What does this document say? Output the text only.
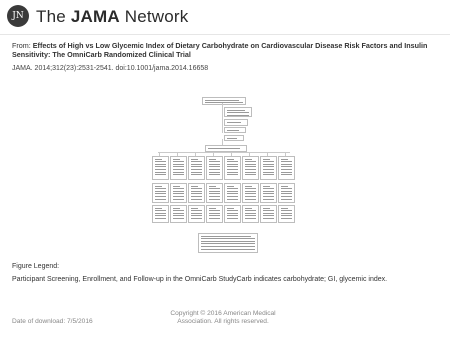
JN The JAMA Network
From: Effects of High vs Low Glycemic Index of Dietary Carbohydrate on Cardiovascular Disease Risk Factors and Insulin Sensitivity: The OmniCarb Randomized Clinical Trial
JAMA. 2014;312(23):2531-2541. doi:10.1001/jama.2014.16658
Figure Legend:
Participant Screening, Enrollment, and Follow-up in the OmniCarb StudyCarb indicates carbohydrate; GI, glycemic index.
Date of download: 7/5/2016
Copyright © 2016 American Medical
Association. All rights reserved.
